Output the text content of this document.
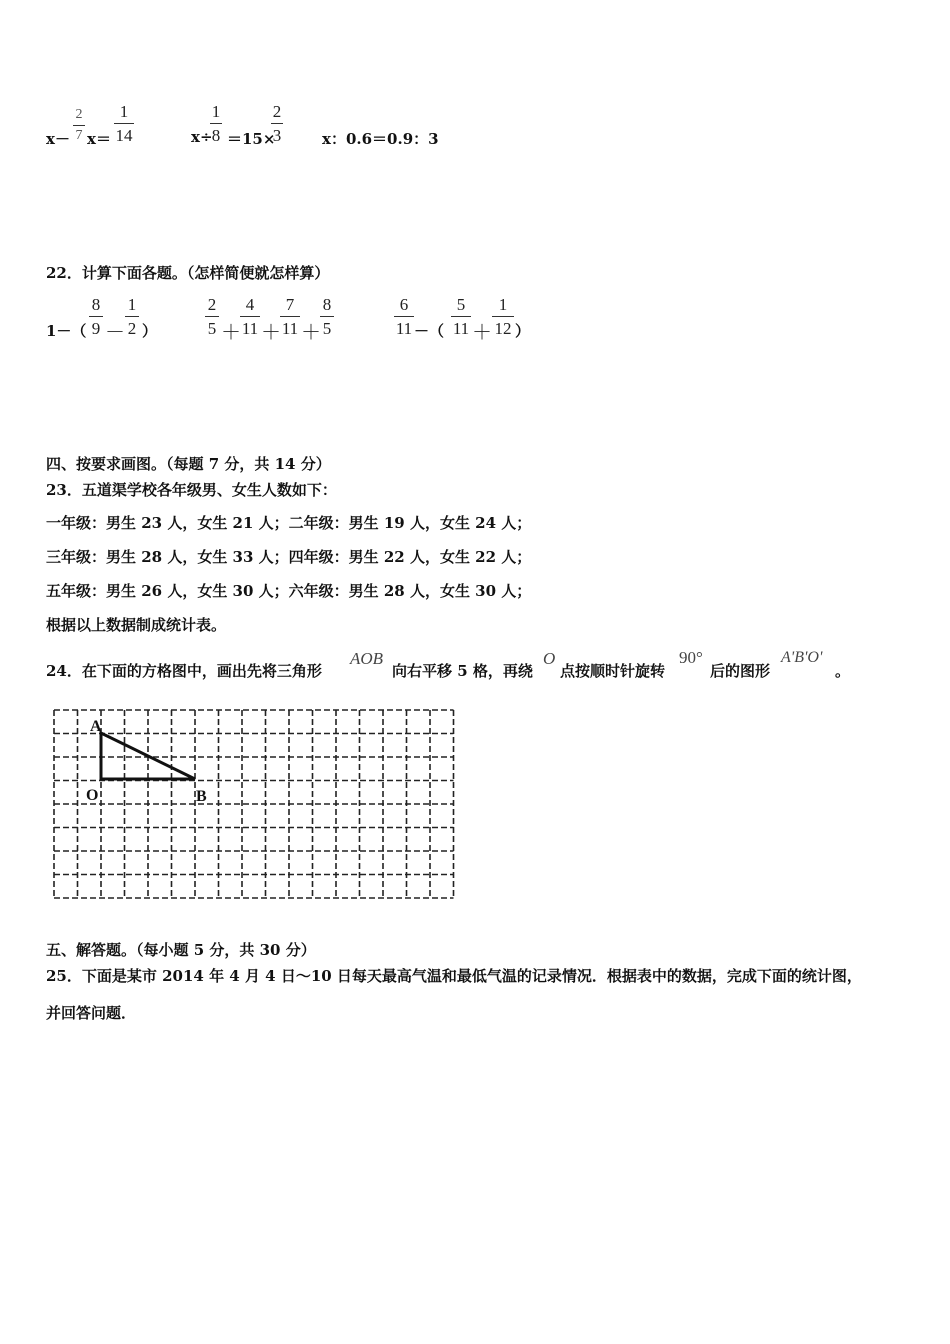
x－
2
7 x＝
1
14	x÷
1
8 ＝15×
2
3	x：0.6＝0.9：3
22．计算下面各题。（怎样简便就怎样算）
1－（
8
9 －
1
2 ）
2
5 ＋
4
11 ＋
7
11 ＋
8
5
6
11 －（
5
11 ＋
1
12 ）
四、按要求画图。（每题 7 分，共 14 分）
23．五道渠学校各年级男、女生人数如下：
一年级：男生 23 人，女生 21 人；二年级：男生 19 人，女生 24 人；
三年级：男生 28 人，女生 33 人；四年级：男生 22 人，女生 22 人；
五年级：男生 26 人，女生 30 人；六年级：男生 28 人，女生 30 人；
根据以上数据制成统计表。
24．在下面的方格图中，画出先将三角形
AOB
向右平移 5 格，再绕
O
点按顺时针旋转
90°
后的图形
A'B'O'
。
A
O	B
五、解答题。（每小题 5 分，共 30 分）
25．下面是某市 2014 年 4 月 4 日～10 日每天最高气温和最低气温的记录情况．根据表中的数据，完成下面的统计图，
并回答问题．
